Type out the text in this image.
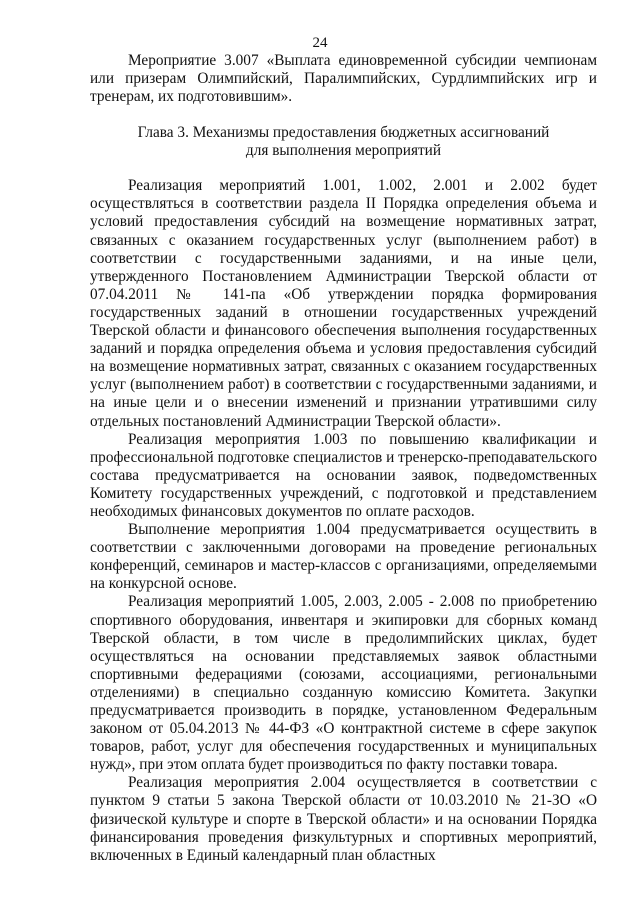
24

Мероприятие 3.007 «Выплата единовременной субсидии чемпионам или призерам Олимпийский, Паралимпийских, Сурдлимпийских игр и тренерам, их подготовившим».

Глава 3. Механизмы предоставления бюджетных ассигнований
для выполнения мероприятий

Реализация мероприятий 1.001, 1.002, 2.001 и 2.002 будет осуществляться в соответствии раздела II Порядка определения объема и условий предоставления субсидий на возмещение нормативных затрат, связанных с оказанием государственных услуг (выполнением работ) в соответствии с государственными заданиями, и на иные цели, утвержденного Постановлением Администрации Тверской области от 07.04.2011 № 141-па «Об утверждении порядка формирования государственных заданий в отношении государственных учреждений Тверской области и финансового обеспечения выполнения государственных заданий и порядка определения объема и условия предоставления субсидий на возмещение нормативных затрат, связанных с оказанием государственных услуг (выполнением работ) в соответствии с государственными заданиями, и на иные цели и о внесении изменений и признании утратившими силу отдельных постановлений Администрации Тверской области».

Реализация мероприятия 1.003 по повышению квалификации и профессиональной подготовке специалистов и тренерско-преподавательского состава предусматривается на основании заявок, подведомственных Комитету государственных учреждений, с подготовкой и представлением необходимых финансовых документов по оплате расходов.

Выполнение мероприятия 1.004 предусматривается осуществить в соответствии с заключенными договорами на проведение региональных конференций, семинаров и мастер-классов с организациями, определяемыми на конкурсной основе.

Реализация мероприятий 1.005, 2.003, 2.005 - 2.008 по приобретению спортивного оборудования, инвентаря и экипировки для сборных команд Тверской области, в том числе в предолимпийских циклах, будет осуществляться на основании представляемых заявок областными спортивными федерациями (союзами, ассоциациями, региональными отделениями) в специально созданную комиссию Комитета. Закупки предусматривается производить в порядке, установленном Федеральным законом от 05.04.2013 № 44-ФЗ «О контрактной системе в сфере закупок товаров, работ, услуг для обеспечения государственных и муниципальных нужд», при этом оплата будет производиться по факту поставки товара.

Реализация мероприятия 2.004 осуществляется в соответствии с пунктом 9 статьи 5 закона Тверской области от 10.03.2010 № 21-ЗО «О физической культуре и спорте в Тверской области» и на основании Порядка финансирования проведения физкультурных и спортивных мероприятий, включенных в Единый календарный план областных
